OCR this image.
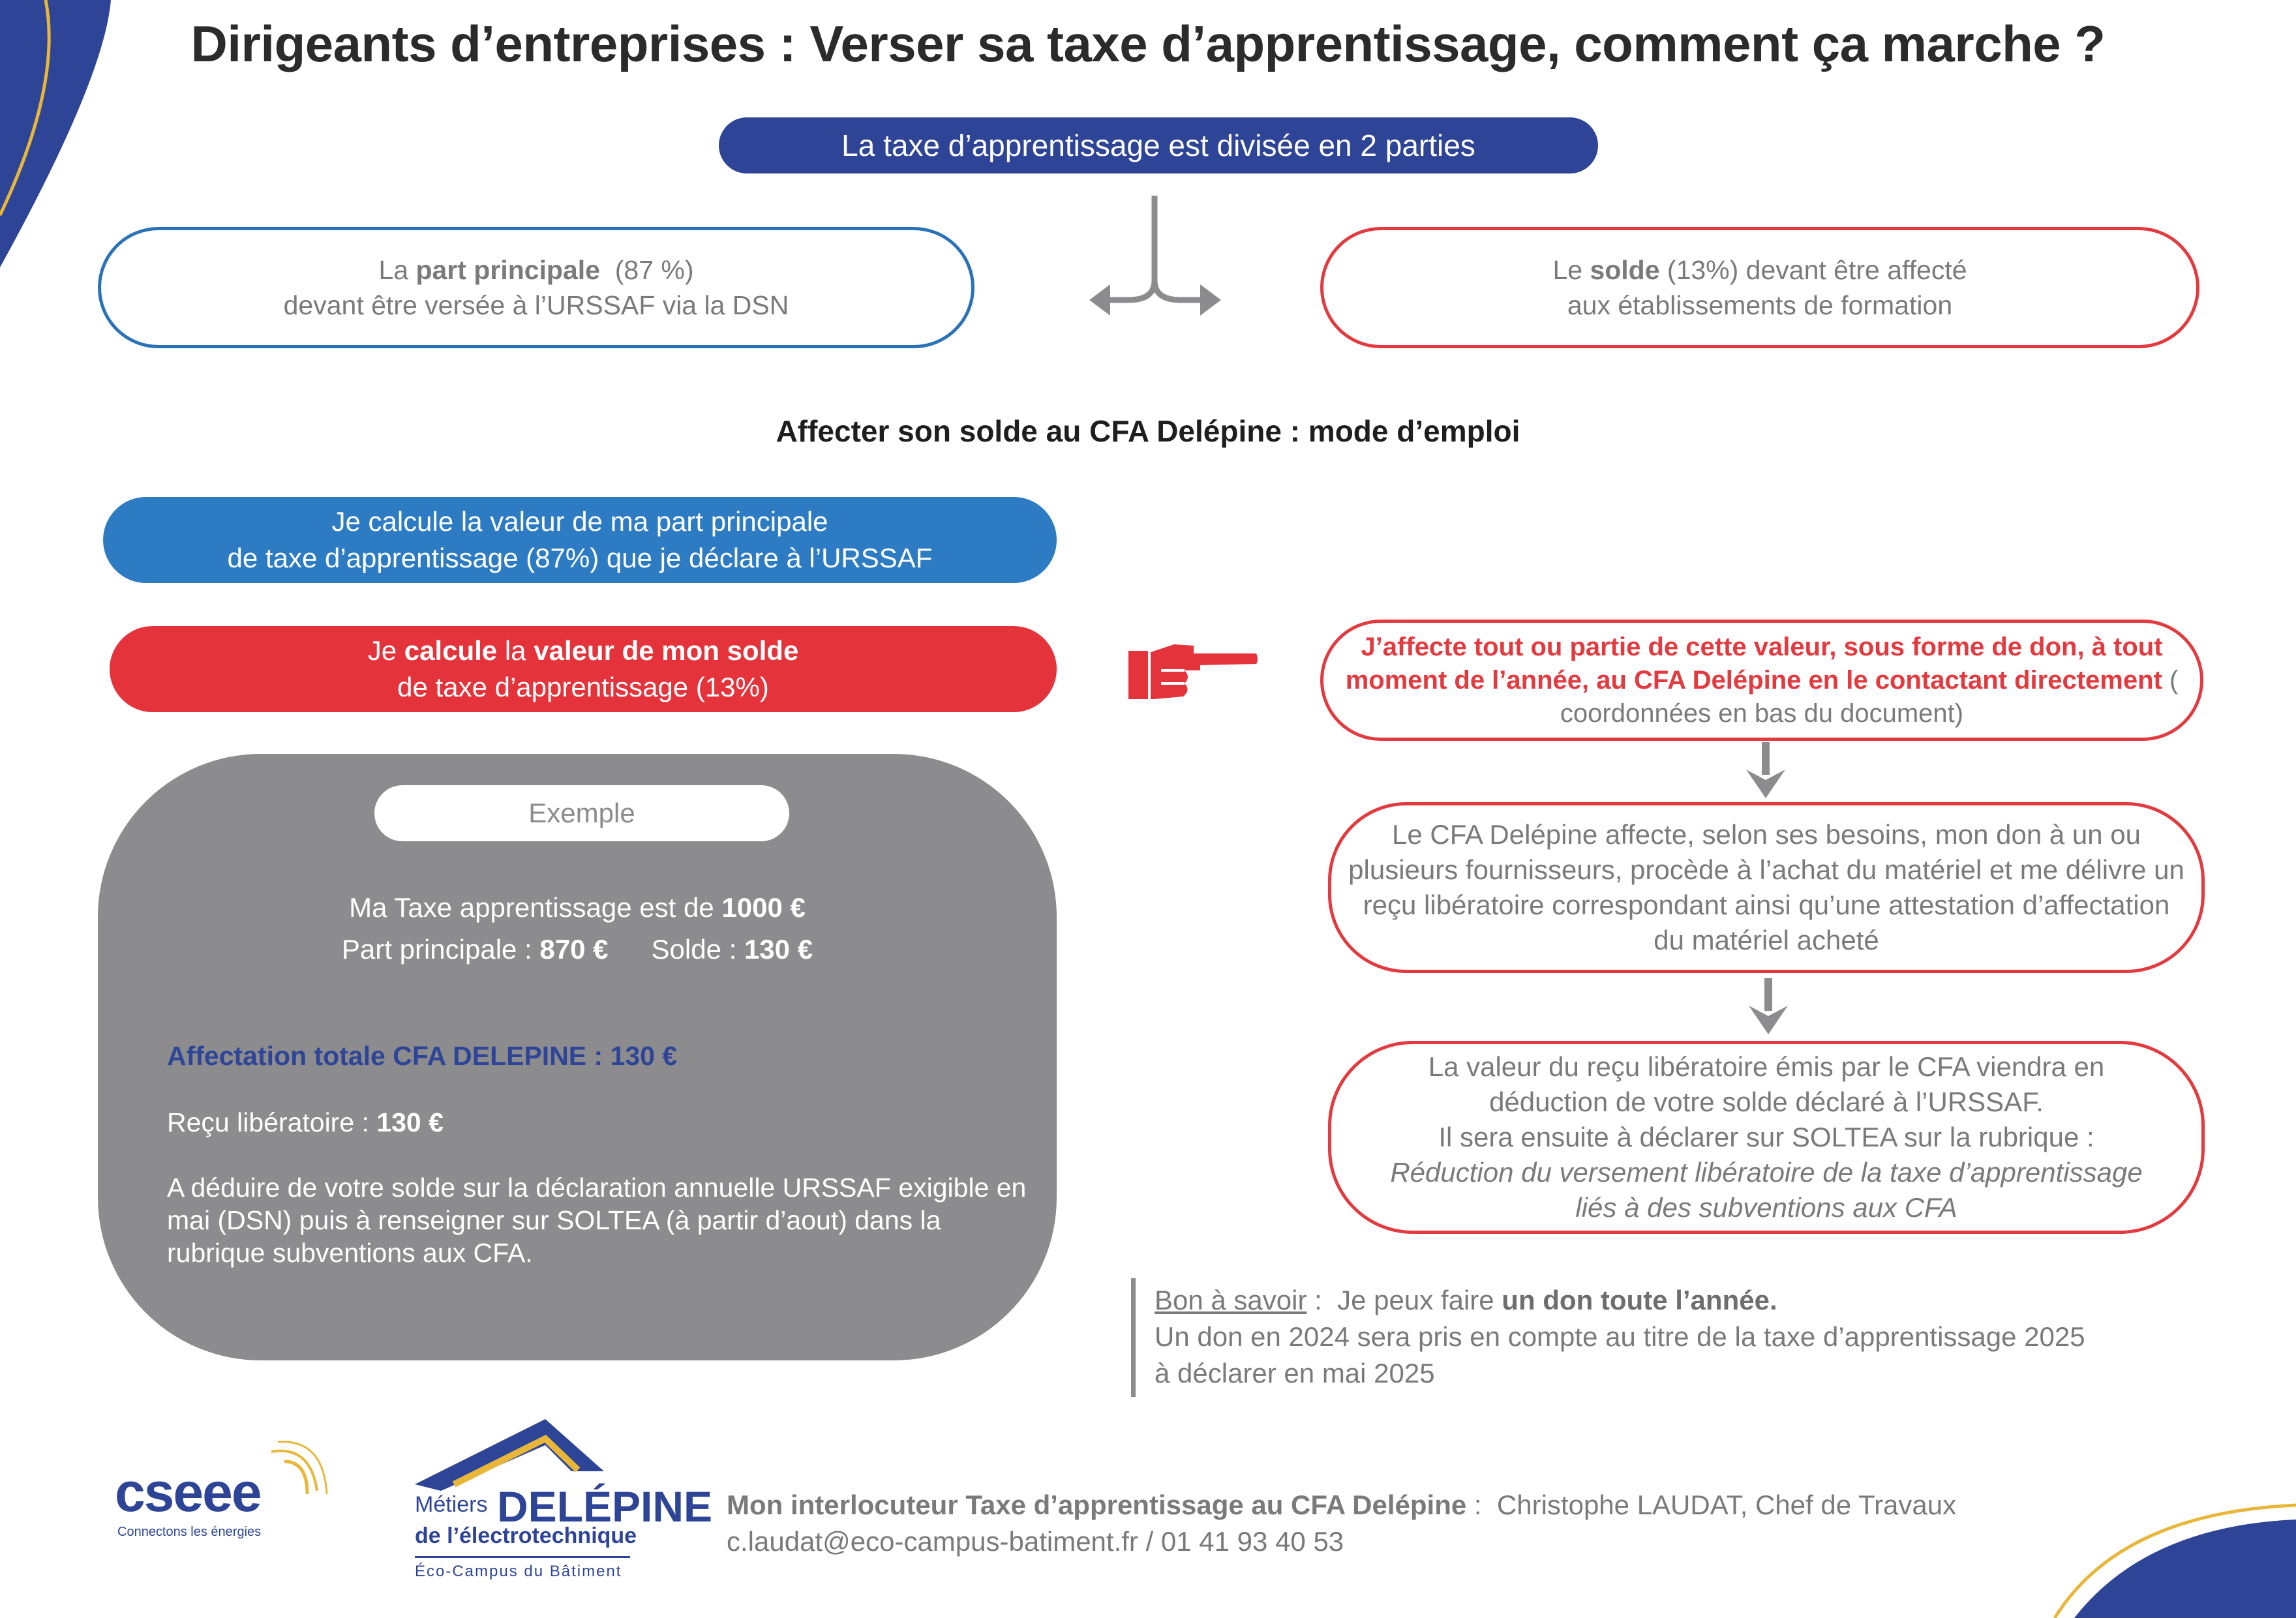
Dirigeants d’entreprises : Verser sa taxe d’apprentissage, comment ça marche ?
La taxe d’apprentissage est divisée en 2 parties
La part principale  (87 %)
devant être versée à l’URSSAF via la DSN
Le solde (13%) devant être affecté
aux établissements de formation
Affecter son solde au CFA Delépine : mode d’emploi
Je calcule la valeur de ma part principale
de taxe d’apprentissage (87%) que je déclare à l’URSSAF
Je calcule la valeur de mon solde
de taxe d’apprentissage (13%)
Exemple
Ma Taxe apprentissage est de 1000 €
Part principale : 870 € Solde : 130 €
Affectation totale CFA DELEPINE : 130 €
Reçu libératoire : 130 €
A déduire de votre solde sur la déclaration annuelle URSSAF exigible en mai (DSN) puis à renseigner sur SOLTEA (à partir d’aout) dans la rubrique subventions aux CFA.
J’affecte tout ou partie de cette valeur, sous forme de don, à tout moment de l’année, au CFA Delépine en le contactant directement ( coordonnées en bas du document)
Le CFA Delépine affecte, selon ses besoins, mon don à un ou plusieurs fournisseurs, procède à l’achat du matériel et me délivre un reçu libératoire correspondant ainsi qu’une attestation d’affectation du matériel acheté
La valeur du reçu libératoire émis par le CFA viendra en
déduction de votre solde déclaré à l’URSSAF.
Il sera ensuite à déclarer sur SOLTEA sur la rubrique :
Réduction du versement libératoire de la taxe d’apprentissage
liés à des subventions aux CFA
Bon à savoir :  Je peux faire un don toute l’année.
Un don en 2024 sera pris en compte au titre de la taxe d’apprentissage 2025
à déclarer en mai 2025
cseee
Connectons les énergies
Métiers DELÉPINE
de l’électrotechnique
Éco-Campus du Bâtiment
Mon interlocuteur Taxe d’apprentissage au CFA Delépine :  Christophe LAUDAT, Chef de Travaux
c.laudat@eco-campus-batiment.fr / 01 41 93 40 53
